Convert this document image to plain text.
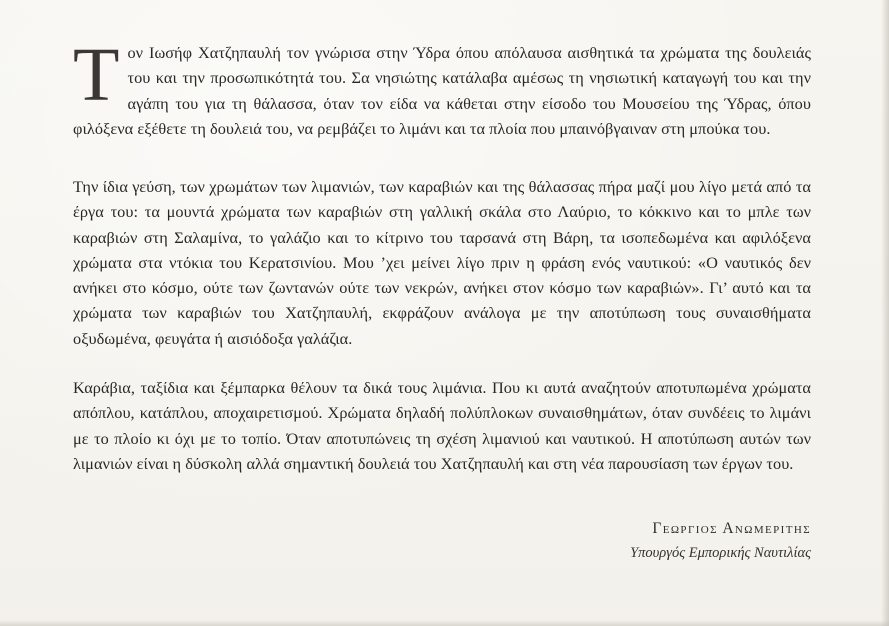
Τον Ιωσήφ Χατζηπαυλή τον γνώρισα στην Ύδρα όπου απόλαυσα αισθητικά τα χρώματα της δουλειάς του και την προσωπικότητά του. Σα νησιώτης κατάλαβα αμέσως τη νησιωτική καταγωγή του και την αγάπη του για τη θάλασσα, όταν τον είδα να κάθεται στην είσοδο του Μουσείου της Ύδρας, όπου φιλόξενα εξέθετε τη δουλειά του, να ρεμβάζει το λιμάνι και τα πλοία που μπαινόβγαιναν στη μπούκα του.

Την ίδια γεύση, των χρωμάτων των λιμανιών, των καραβιών και της θάλασσας πήρα μαζί μου λίγο μετά από τα έργα του: τα μουντά χρώματα των καραβιών στη γαλλική σκάλα στο Λαύριο, το κόκκινο και το μπλε των καραβιών στη Σαλαμίνα, το γαλάζιο και το κίτρινο του ταρσανά στη Βάρη, τα ισοπεδωμένα και αφιλόξενα χρώματα στα ντόκια του Κερατσινίου. Μου ’χει μείνει λίγο πριν η φράση ενός ναυτικού: «Ο ναυτικός δεν ανήκει στο κόσμο, ούτε των ζωντανών ούτε των νεκρών, ανήκει στον κόσμο των καραβιών». Γι’ αυτό και τα χρώματα των καραβιών του Χατζηπαυλή, εκφράζουν ανάλογα με την αποτύπωση τους συναισθήματα οξυδωμένα, φευγάτα ή αισιόδοξα γαλάζια.

Καράβια, ταξίδια και ξέμπαρκα θέλουν τα δικά τους λιμάνια. Που κι αυτά αναζητούν αποτυπωμένα χρώματα απόπλου, κατάπλου, αποχαιρετισμού. Χρώματα δηλαδή πολύπλοκων συναισθημάτων, όταν συνδέεις το λιμάνι με το πλοίο κι όχι με το τοπίο. Όταν αποτυπώνεις τη σχέση λιμανιού και ναυτικού. Η αποτύπωση αυτών των λιμανιών είναι η δύσκολη αλλά σημαντική δουλειά του Χατζηπαυλή και στη νέα παρουσίαση των έργων του.

Γεωργιος Ανωμεριτης
Υπουργός Εμπορικής Ναυτιλίας
